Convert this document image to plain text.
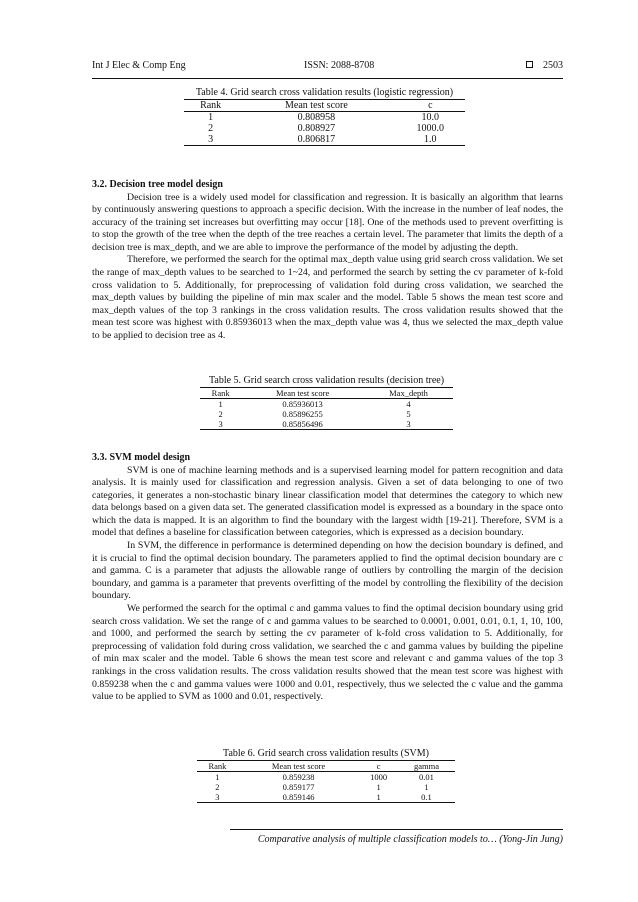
Int J Elec & Comp Eng	ISSN: 2088-8708	2503
Table 4. Grid search cross validation results (logistic regression)
Rank	Mean test score	c
1	0.808958	10.0
2	0.808927	1000.0
3	0.806817	1.0
3.2. Decision tree model design

Decision tree is a widely used model for classification and regression. It is basically an algorithm that learns by continuously answering questions to approach a specific decision. With the increase in the number of leaf nodes, the accuracy of the training set increases but overfitting may occur [18]. One of the methods used to prevent overfitting is to stop the growth of the tree when the depth of the tree reaches a certain level. The parameter that limits the depth of a decision tree is max_depth, and we are able to improve the performance of the model by adjusting the depth.

Therefore, we performed the search for the optimal max_depth value using grid search cross validation. We set the range of max_depth values to be searched to 1~24, and performed the search by setting the cv parameter of k-fold cross validation to 5. Additionally, for preprocessing of validation fold during cross validation, we searched the max_depth values by building the pipeline of min max scaler and the model. Table 5 shows the mean test score and max_depth values of the top 3 rankings in the cross validation results. The cross validation results showed that the mean test score was highest with 0.85936013 when the max_depth value was 4, thus we selected the max_depth value to be applied to decision tree as 4.

Table 5. Grid search cross validation results (decision tree)
Rank	Mean test score	Max_depth
1	0.85936013	4
2	0.85896255	5
3	0.85856496	3
3.3. SVM model design

SVM is one of machine learning methods and is a supervised learning model for pattern recognition and data analysis. It is mainly used for classification and regression analysis. Given a set of data belonging to one of two categories, it generates a non-stochastic binary linear classification model that determines the category to which new data belongs based on a given data set. The generated classification model is expressed as a boundary in the space onto which the data is mapped. It is an algorithm to find the boundary with the largest width [19-21]. Therefore, SVM is a model that defines a baseline for classification between categories, which is expressed as a decision boundary.

In SVM, the difference in performance is determined depending on how the decision boundary is defined, and it is crucial to find the optimal decision boundary. The parameters applied to find the optimal decision boundary are c and gamma. C is a parameter that adjusts the allowable range of outliers by controlling the margin of the decision boundary, and gamma is a parameter that prevents overfitting of the model by controlling the flexibility of the decision boundary.

We performed the search for the optimal c and gamma values to find the optimal decision boundary using grid search cross validation. We set the range of c and gamma values to be searched to 0.0001, 0.001, 0.01, 0.1, 1, 10, 100, and 1000, and performed the search by setting the cv parameter of k-fold cross validation to 5. Additionally, for preprocessing of validation fold during cross validation, we searched the c and gamma values by building the pipeline of min max scaler and the model. Table 6 shows the mean test score and relevant c and gamma values of the top 3 rankings in the cross validation results. The cross validation results showed that the mean test score was highest with 0.859238 when the c and gamma values were 1000 and 0.01, respectively, thus we selected the c value and the gamma value to be applied to SVM as 1000 and 0.01, respectively.

Table 6. Grid search cross validation results (SVM)
Rank	Mean test score	c	gamma
1	0.859238	1000	0.01
2	0.859177	1	1
3	0.859146	1	0.1
Comparative analysis of multiple classification models to… (Yong-Jin Jung)
